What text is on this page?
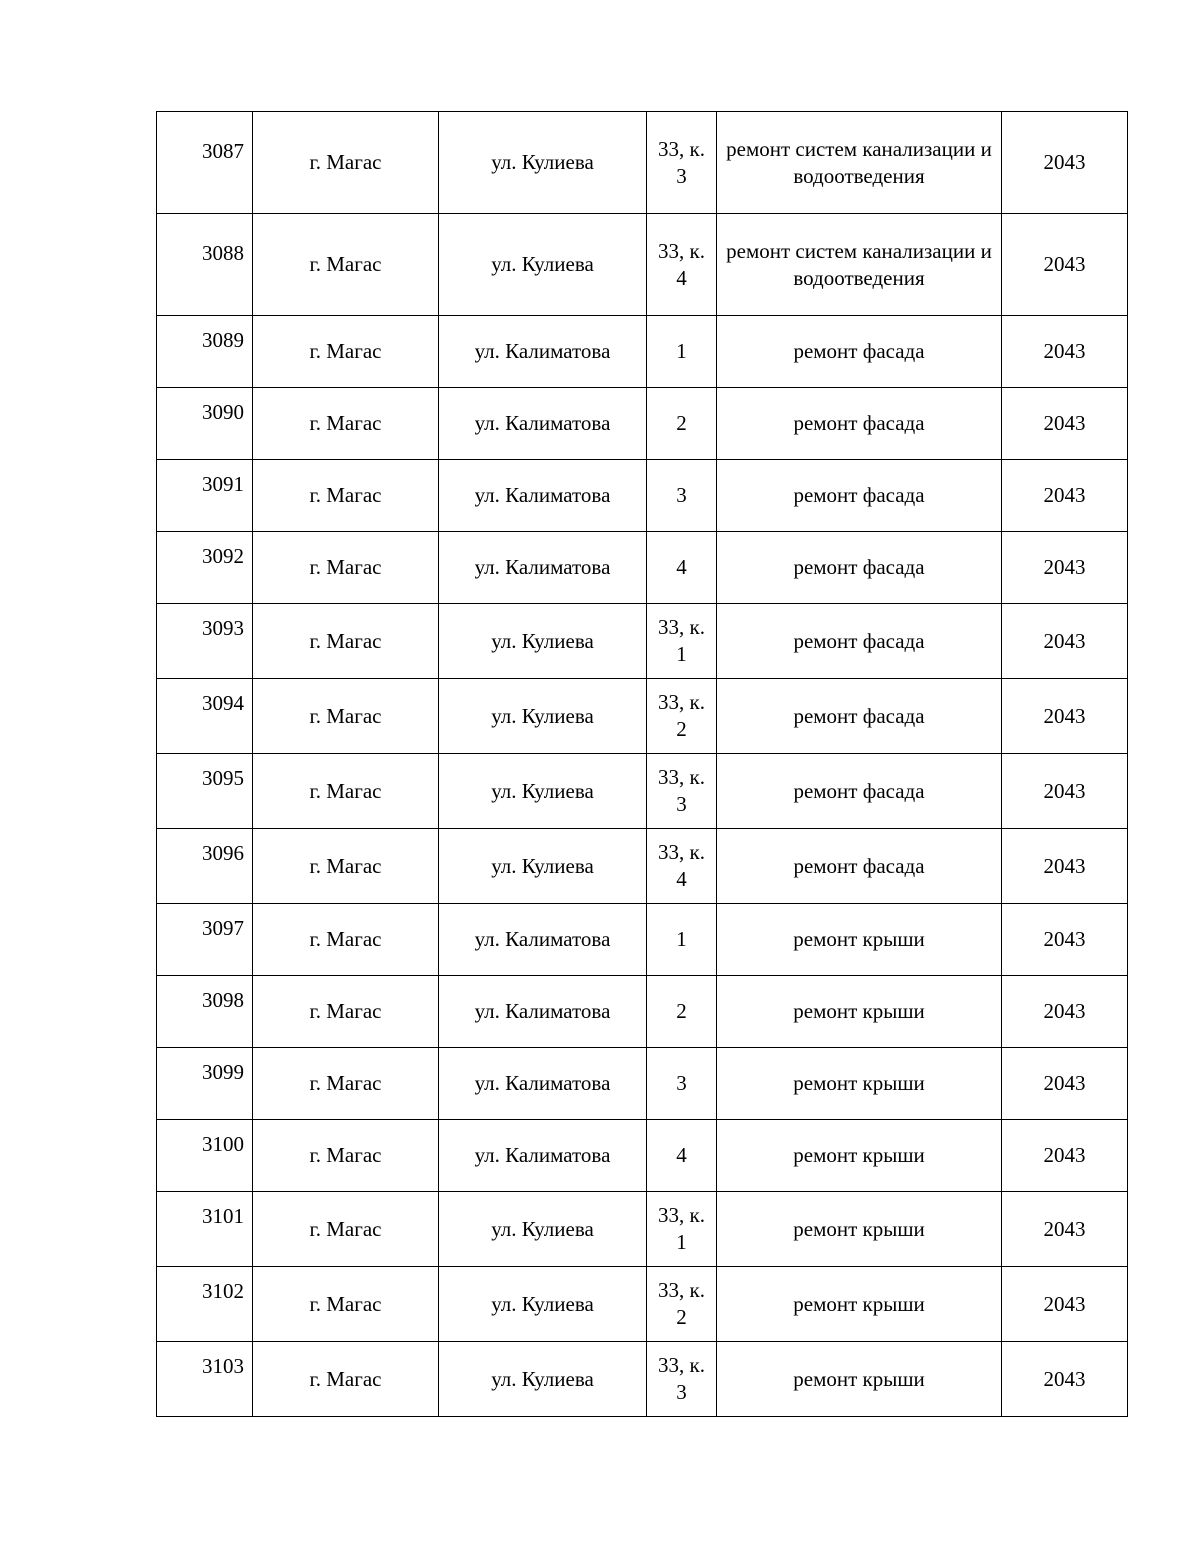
3087	г. Магас	ул. Кулиева	33, к. 3	ремонт систем канализации и водоотведения	2043
3088	г. Магас	ул. Кулиева	33, к. 4	ремонт систем канализации и водоотведения	2043
3089	г. Магас	ул. Калиматова	1	ремонт фасада	2043
3090	г. Магас	ул. Калиматова	2	ремонт фасада	2043
3091	г. Магас	ул. Калиматова	3	ремонт фасада	2043
3092	г. Магас	ул. Калиматова	4	ремонт фасада	2043
3093	г. Магас	ул. Кулиева	33, к. 1	ремонт фасада	2043
3094	г. Магас	ул. Кулиева	33, к. 2	ремонт фасада	2043
3095	г. Магас	ул. Кулиева	33, к. 3	ремонт фасада	2043
3096	г. Магас	ул. Кулиева	33, к. 4	ремонт фасада	2043
3097	г. Магас	ул. Калиматова	1	ремонт крыши	2043
3098	г. Магас	ул. Калиматова	2	ремонт крыши	2043
3099	г. Магас	ул. Калиматова	3	ремонт крыши	2043
3100	г. Магас	ул. Калиматова	4	ремонт крыши	2043
3101	г. Магас	ул. Кулиева	33, к. 1	ремонт крыши	2043
3102	г. Магас	ул. Кулиева	33, к. 2	ремонт крыши	2043
3103	г. Магас	ул. Кулиева	33, к. 3	ремонт крыши	2043
